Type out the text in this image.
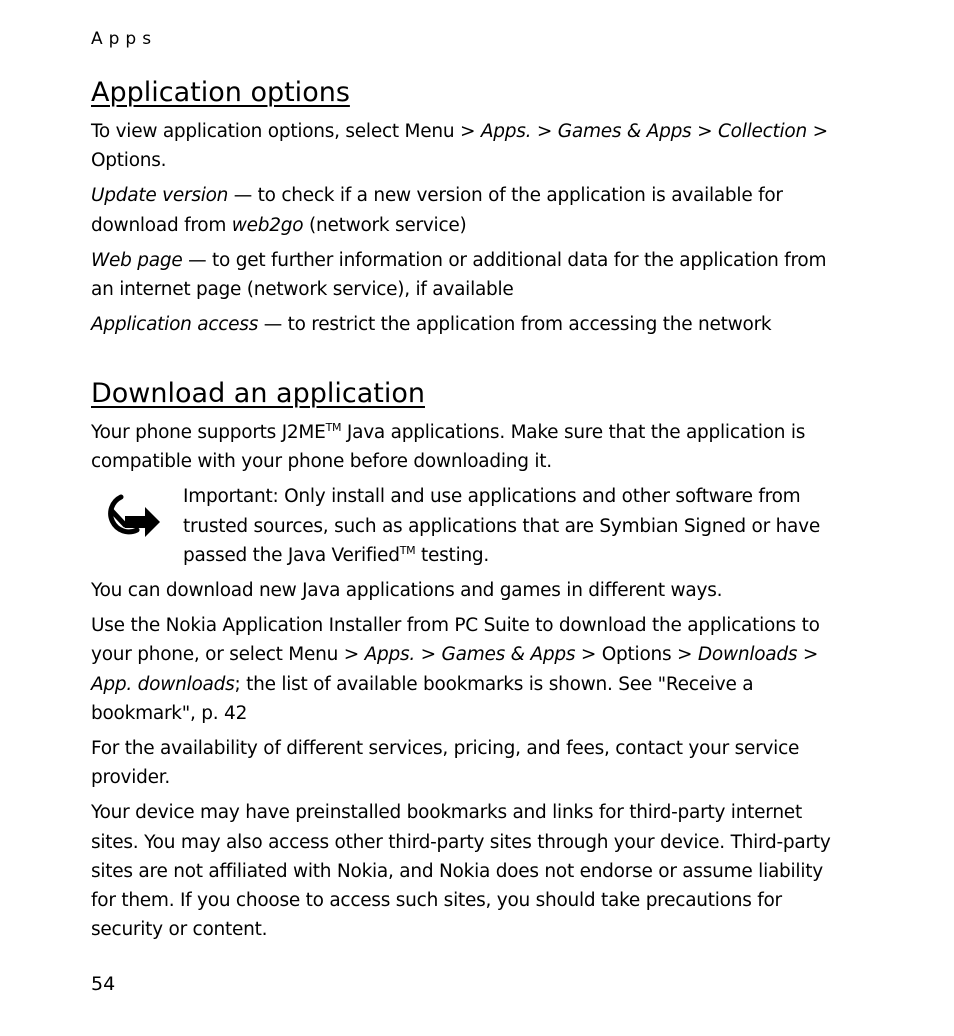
Apps
Application options

To view application options, select Menu > Apps. > Games & Apps > Collection > Options.

Update version — to check if a new version of the application is available for download from web2go (network service)

Web page — to get further information or additional data for the application from an internet page (network service), if available

Application access — to restrict the application from accessing the network

Download an application

Your phone supports J2ME™ Java applications. Make sure that the application is compatible with your phone before downloading it.

Important: Only install and use applications and other software from trusted sources, such as applications that are Symbian Signed or have passed the Java Verified™ testing.

You can download new Java applications and games in different ways.

Use the Nokia Application Installer from PC Suite to download the applications to your phone, or select Menu > Apps. > Games & Apps > Options > Downloads > App. downloads; the list of available bookmarks is shown. See "Receive a bookmark", p. 42

For the availability of different services, pricing, and fees, contact your service provider.

Your device may have preinstalled bookmarks and links for third-party internet sites. You may also access other third-party sites through your device. Third-party sites are not affiliated with Nokia, and Nokia does not endorse or assume liability for them. If you choose to access such sites, you should take precautions for security or content.

54
